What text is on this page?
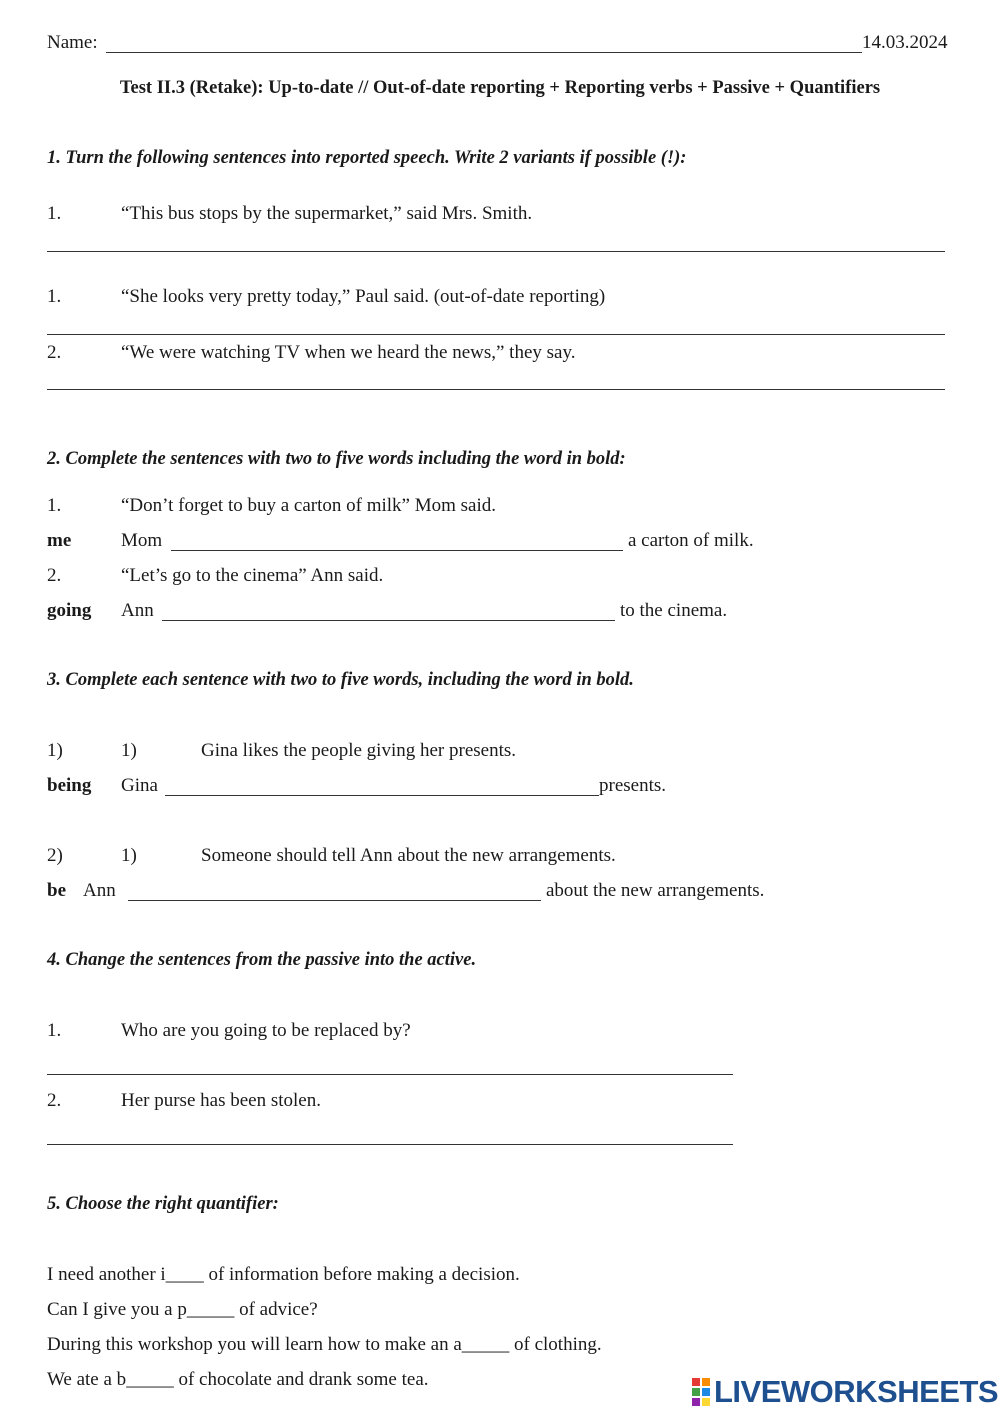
Name:	14.03.2024
Test II.3 (Retake): Up-to-date // Out-of-date reporting + Reporting verbs + Passive + Quantifiers
1. Turn the following sentences into reported speech. Write 2 variants if possible (!):
1.	“This bus stops by the supermarket,” said Mrs. Smith.
1.	“She looks very pretty today,” Paul said. (out-of-date reporting)
2.	“We were watching TV when we heard the news,” they say.
2. Complete the sentences with two to five words including the word in bold:
1.	“Don’t forget to buy a carton of milk” Mom said.
me	Mom	a carton of milk.
2.	“Let’s go to the cinema” Ann said.
going Ann	to the cinema.
3. Complete each sentence with two to five words, including the word in bold.
1)	1)	Gina likes the people giving her presents.
being Gina	presents.
2)	1)	Someone should tell Ann about the new arrangements.
be Ann	about the new arrangements.
4. Change the sentences from the passive into the active.
1.	Who are you going to be replaced by?
2.	Her purse has been stolen.
5. Choose the right quantifier:
I need another i____ of information before making a decision.
Can I give you a p_____ of advice?
During this workshop you will learn how to make an a_____ of clothing.
We ate a b_____ of chocolate and drank some tea.	LIVEWORKSHEETS
